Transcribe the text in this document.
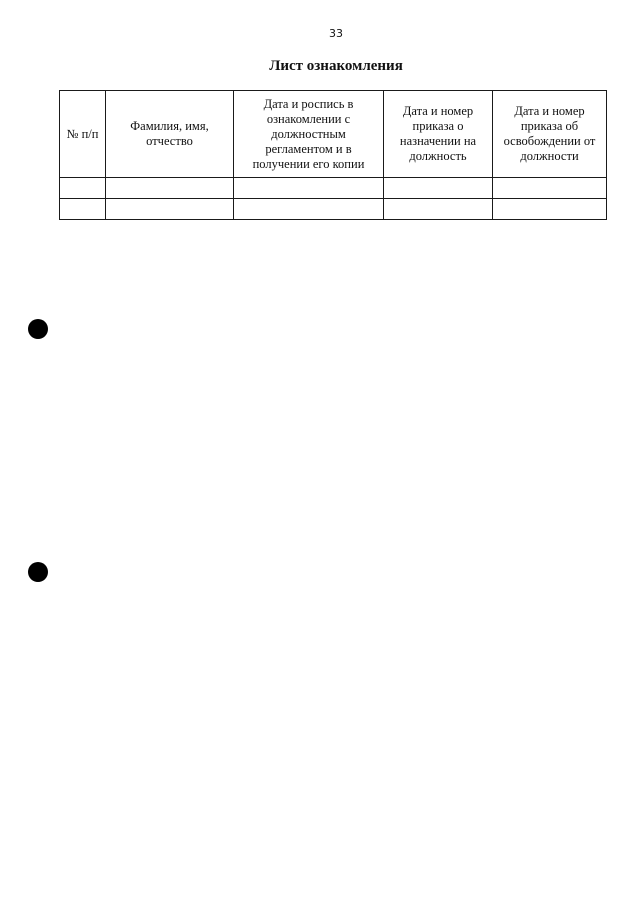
33
Лист ознакомления
№ п/п	Фамилия, имя, отчество	Дата и роспись в ознакомлении с должностным регламентом и в получении его копии	Дата и номер приказа о назначении на должность	Дата и номер приказа об освобождении от должности
